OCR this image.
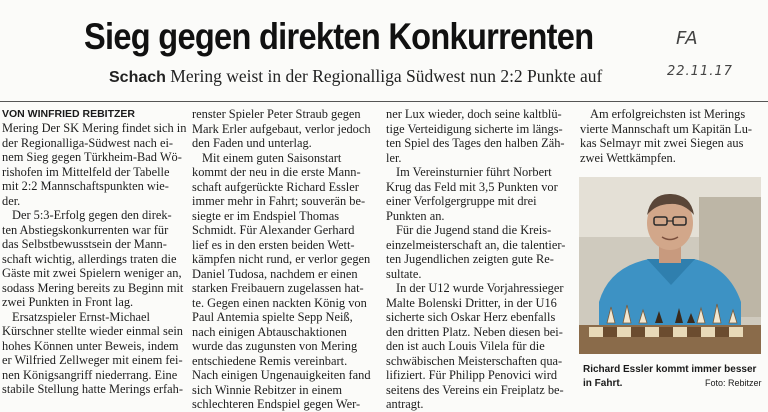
Sieg gegen direkten Konkurrenten	FA
Schach Mering weist in der Regionalliga Südwest nun 2:2 Punkte auf	22.11.17
VON WINFRIED REBITZER

Mering Der SK Mering findet sich in

der Regionalliga-Südwest nach ei-

nem Sieg gegen Türkheim-Bad Wö-

rishofen im Mittelfeld der Tabelle

mit 2:2 Mannschaftspunkten wie-

der.

Der 5:3-Erfolg gegen den direk-

ten Abstiegskonkurrenten war für

das Selbstbewusstsein der Mann-

schaft wichtig, allerdings traten die

Gäste mit zwei Spielern weniger an,

sodass Mering bereits zu Beginn mit

zwei Punkten in Front lag.

Ersatzspieler Ernst-Michael

Kürschner stellte wieder einmal sein

hohes Können unter Beweis, indem

er Wilfried Zellweger mit einem fei-

nen Königsangriff niederrang. Eine

stabile Stellung hatte Merings erfah-

renster Spieler Peter Straub gegen

Mark Erler aufgebaut, verlor jedoch

den Faden und unterlag.

Mit einem guten Saisonstart

kommt der neu in die erste Mann-

schaft aufgerückte Richard Essler

immer mehr in Fahrt; souverän be-

siegte er im Endspiel Thomas

Schmidt. Für Alexander Gerhard

lief es in den ersten beiden Wett-

kämpfen nicht rund, er verlor gegen

Daniel Tudosa, nachdem er einen

starken Freibauern zugelassen hat-

te. Gegen einen nackten König von

Paul Antemia spielte Sepp Neiß,

nach einigen Abtauschaktionen

wurde das zugunsten von Mering

entschiedene Remis vereinbart.

Nach einigen Ungenauigkeiten fand

sich Winnie Rebitzer in einem

schlechteren Endspiel gegen Wer-

ner Lux wieder, doch seine kaltblü-

tige Verteidigung sicherte im längs-

ten Spiel des Tages den halben Zäh-

ler.

Im Vereinsturnier führt Norbert

Krug das Feld mit 3,5 Punkten vor

einer Verfolgergruppe mit drei

Punkten an.

Für die Jugend stand die Kreis-

einzelmeisterschaft an, die talentier-

ten Jugendlichen zeigten gute Re-

sultate.

In der U12 wurde Vorjahressieger

Malte Bolenski Dritter, in der U16

sicherte sich Oskar Herz ebenfalls

den dritten Platz. Neben diesen bei-

den ist auch Louis Vilela für die

schwäbischen Meisterschaften qua-

lifiziert. Für Philipp Penovici wird

seitens des Vereins ein Freiplatz be-

antragt.

Am erfolgreichsten ist Merings

vierte Mannschaft um Kapitän Lu-

kas Selmayr mit zwei Siegen aus

zwei Wettkämpfen.

Richard Essler kommt immer besser in Fahrt.	Foto: Rebitzer
